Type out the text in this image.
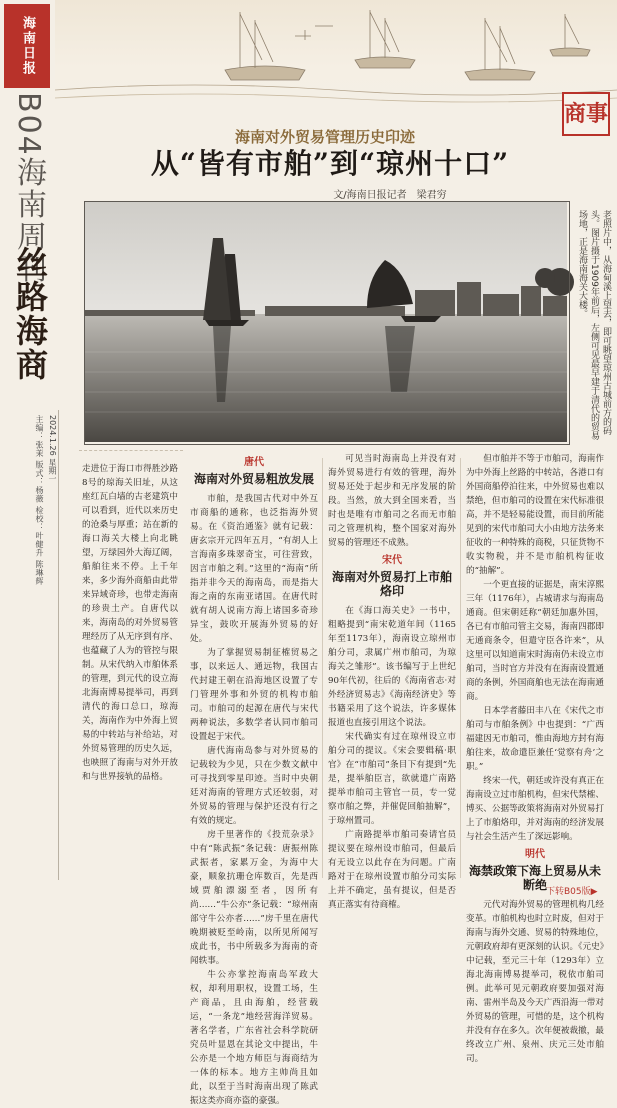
海南日报
B04海南周刊
丝路海商
主编：张茉 版式：杨薇 检校：叶健升 陈琳辉 2024.1.26 星期一
商事
海南对外贸易管理历史印迹
从“皆有市舶”到“琼州十口”
文/海南日报记者　梁君穷
老照片中，从海甸溪上望去，即可眺望琼州古城前方的码头。图片摄于1909年前后，左侧可见最早建于清代的贸易场地，正是海南海关大楼。
走进位于海口市得胜沙路8号的琼海关旧址，从这座红瓦白墙的古老建筑中可以看到，近代以来历史的沧桑与厚重；站在新的海口海关大楼上向北眺望，万绿园外大海辽阔，船舶往来不停。上千年来，多少海外商船由此带来异域奇珍，也带走海南的珍贵土产。自唐代以来，海南岛的对外贸易管理经历了从无序到有序、也蕴藏了人为的管控与限制。从宋代纳入市舶体系的管理，到元代的设立海北海南博易提举司，再到清代的海口总口，琼海关，海南作为中外海上贸易的中转站与补给站，对外贸易管理的历史久远，也映照了海南与对外开放和与世界接轨的品格。
唐代
海南对外贸易粗放发展

市舶，是我国古代对中外互市商船的通称，也泛指海外贸易。在《资治通鉴》就有记载：唐玄宗开元四年五月，“有胡人上言海南多珠翠奇宝，可往营致，因言市舶之利。”这里的“海南”所指并非今天的海南岛，而是指大海之南的东南亚诸国。在唐代时就有胡人说南方海上诸国多奇珍异宝，鼓吹开展海外贸易的好处。

为了掌握贸易制征榷贸易之事，以来远人、通远物，我国古代封建王朝在沿海地区设置了专门管理外事和外贸的机构市舶司。市舶司的起源在唐代与宋代两种说法，多数学者认同市舶司设置起于宋代。

唐代海南岛参与对外贸易的记载较为少见，只在少数文献中可寻找到零星印迹。当时中央朝廷对海南的管理方式还较弱，对外贸易的管理与保护还没有行之有效的规定。

房千里著作的《投荒杂录》中有“陈武振”条记载：唐振州陈武振者，家累万金，为海中大豪，顺象抗珊仓库数百，先是西域贾舶漂溺至者，因所有尚……“牛公亦”条记载：“琼州南部守牛公亦者……”房千里在唐代晚期被贬至岭南，以所见所闻写成此书，书中所载多为海南的奇闻轶事。

牛公亦掌控海南岛军政大权，却利用职权，设置工场，生产商品，且由海舶，经营载运，“一条龙”地经营海洋贸易。著名学者，广东省社会科学院研究员叶显恩在其论文中提出，牛公亦是一个地方师臣与海商结为一体的标本。地方主帅尚且如此，以至于当时海南出现了陈武振这类亦商亦盗的豪强。

可见当时海南岛上并没有对海外贸易进行有效的管理，海外贸易还处于起步和无序发展的阶段。当然，放大到全国来看，当时也是唯有市舶司之名而无市舶司之管理机构，整个国家对海外贸易的管理还不成熟。

宋代
海南对外贸易打上市舶烙印

在《海口海关史》一书中，粗略提到“南宋乾道年间（1165年至1173年），海南设立琼州市舶分司，隶属广州市舶司，为琼海关之雏形”。该书编写于上世纪90年代初，往后的《海南省志·对外经济贸易志》《海南经济史》等书籍采用了这个说法，许多媒体报道也直接引用这个说法。

宋代确实有过在琼州设立市舶分司的提议。《宋会要辑稿·职官》在“市舶司”条目下有提到“先是，提举舶臣言，欲就遣广南路提举市舶司主管官一员，专一觉察市舶之弊，并催促回舶抽解”，于琼州置司。

广南路提举市舶司奏请官员提议要在琼州设市舶司，但最后有无设立以此存在为问题。广南路对于在琼州设置市舶分司实际上并不确定，虽有提议，但是否真正落实有待商榷。

但市舶并不等于市舶司，海南作为中外海上丝路的中转站，各港口有外国商船停泊往来，中外贸易也难以禁绝，但市舶司的设置在宋代标准很高，并不是轻易能设置，而目前所能见到的宋代市舶司大小由地方法务来征收的一种特殊的商税，只征货物不收实物税，并不是市舶机构征收的“抽解”。

一个更直接的证据是，南宋淳熙三年（1176年），占城请求与海南岛通商。但宋朝廷称“朝廷加惠外国，各已有市舶司管主交易，海南四郡即无通商条令，但遣守臣各许来”，从这里可以知道南宋时海南仍未设立市舶司，当时官方并没有在海南设置通商的条例，外国商舶也无法在海南通商。

日本学者藤田丰八在《宋代之市舶司与市舶条例》中也提到：“广西福建因无市舶司，惟由海地方封有海舶往来，故命遣臣兼任‘觉察有舟’之职。”

终宋一代，朝廷或许没有真正在海南设立过市舶机构，但宋代禁榷、博买、公据等政策将海南对外贸易打上了市舶烙印，并对海南的经济发展与社会生活产生了深远影响。

明代
海禁政策下海上贸易从未断绝

元代对海外贸易的管理机构几经变革。市舶机构也时立时废，但对于海南与海外交通、贸易的特殊地位，元朝政府却有更深刻的认识。《元史》中记载，至元三十年（1293年）立海北海南博易提举司，税依市舶司例。此举可见元朝政府要加强对海南、雷州半岛及今天广西沿海一带对外贸易的管理，可惜的是，这个机构并没有存在多久。次年便被裁撤，最终改立广州、泉州、庆元三处市舶司。

下转B05版▶
